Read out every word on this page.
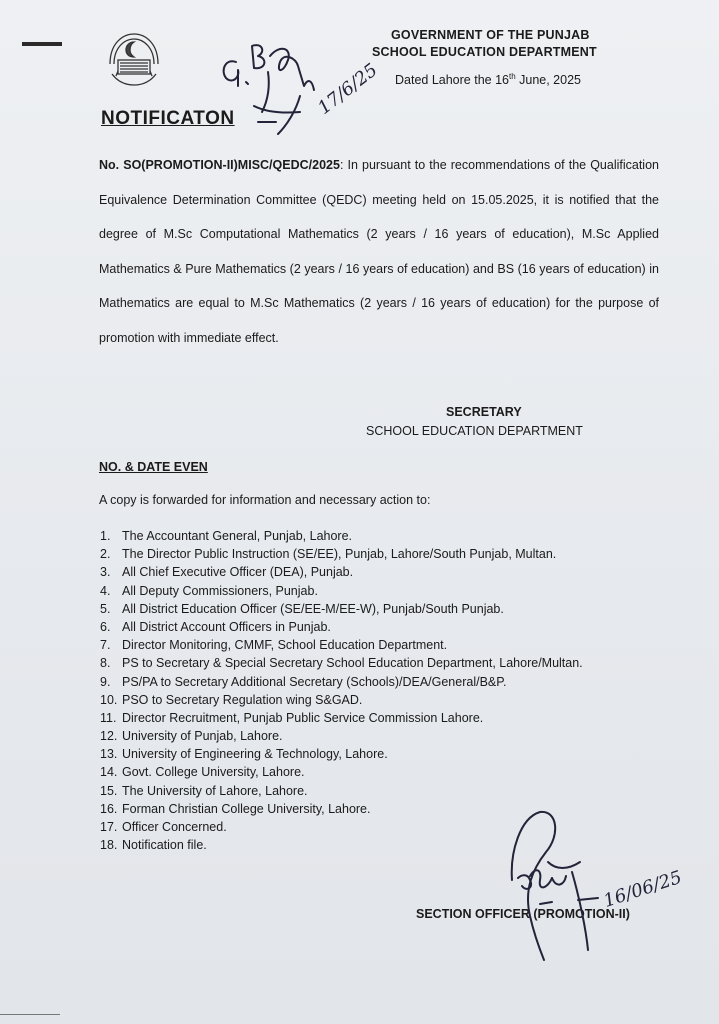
GOVERNMENT OF THE PUNJAB
SCHOOL EDUCATION DEPARTMENT
Dated Lahore the 16th June, 2025
NOTIFICATON
No. SO(PROMOTION-II)MISC/QEDC/2025: In pursuant to the recommendations of the Qualification Equivalence Determination Committee (QEDC) meeting held on 15.05.2025, it is notified that the degree of M.Sc Computational Mathematics (2 years / 16 years of education), M.Sc Applied Mathematics & Pure Mathematics (2 years / 16 years of education) and BS (16 years of education) in Mathematics are equal to M.Sc Mathematics (2 years / 16 years of education) for the purpose of promotion with immediate effect.
SECRETARY
SCHOOL EDUCATION DEPARTMENT
NO. & DATE EVEN
A copy is forwarded for information and necessary action to:
1. The Accountant General, Punjab, Lahore.
2. The Director Public Instruction (SE/EE), Punjab, Lahore/South Punjab, Multan.
3. All Chief Executive Officer (DEA), Punjab.
4. All Deputy Commissioners, Punjab.
5. All District Education Officer (SE/EE-M/EE-W), Punjab/South Punjab.
6. All District Account Officers in Punjab.
7. Director Monitoring, CMMF, School Education Department.
8. PS to Secretary & Special Secretary School Education Department, Lahore/Multan.
9. PS/PA to Secretary Additional Secretary (Schools)/DEA/General/B&P.
10. PSO to Secretary Regulation wing S&GAD.
11. Director Recruitment, Punjab Public Service Commission Lahore.
12. University of Punjab, Lahore.
13. University of Engineering & Technology, Lahore.
14. Govt. College University, Lahore.
15. The University of Lahore, Lahore.
16. Forman Christian College University, Lahore.
17. Officer Concerned.
18. Notification file.
SECTION OFFICER (PROMOTION-II)
17/6/25
16/06/25
